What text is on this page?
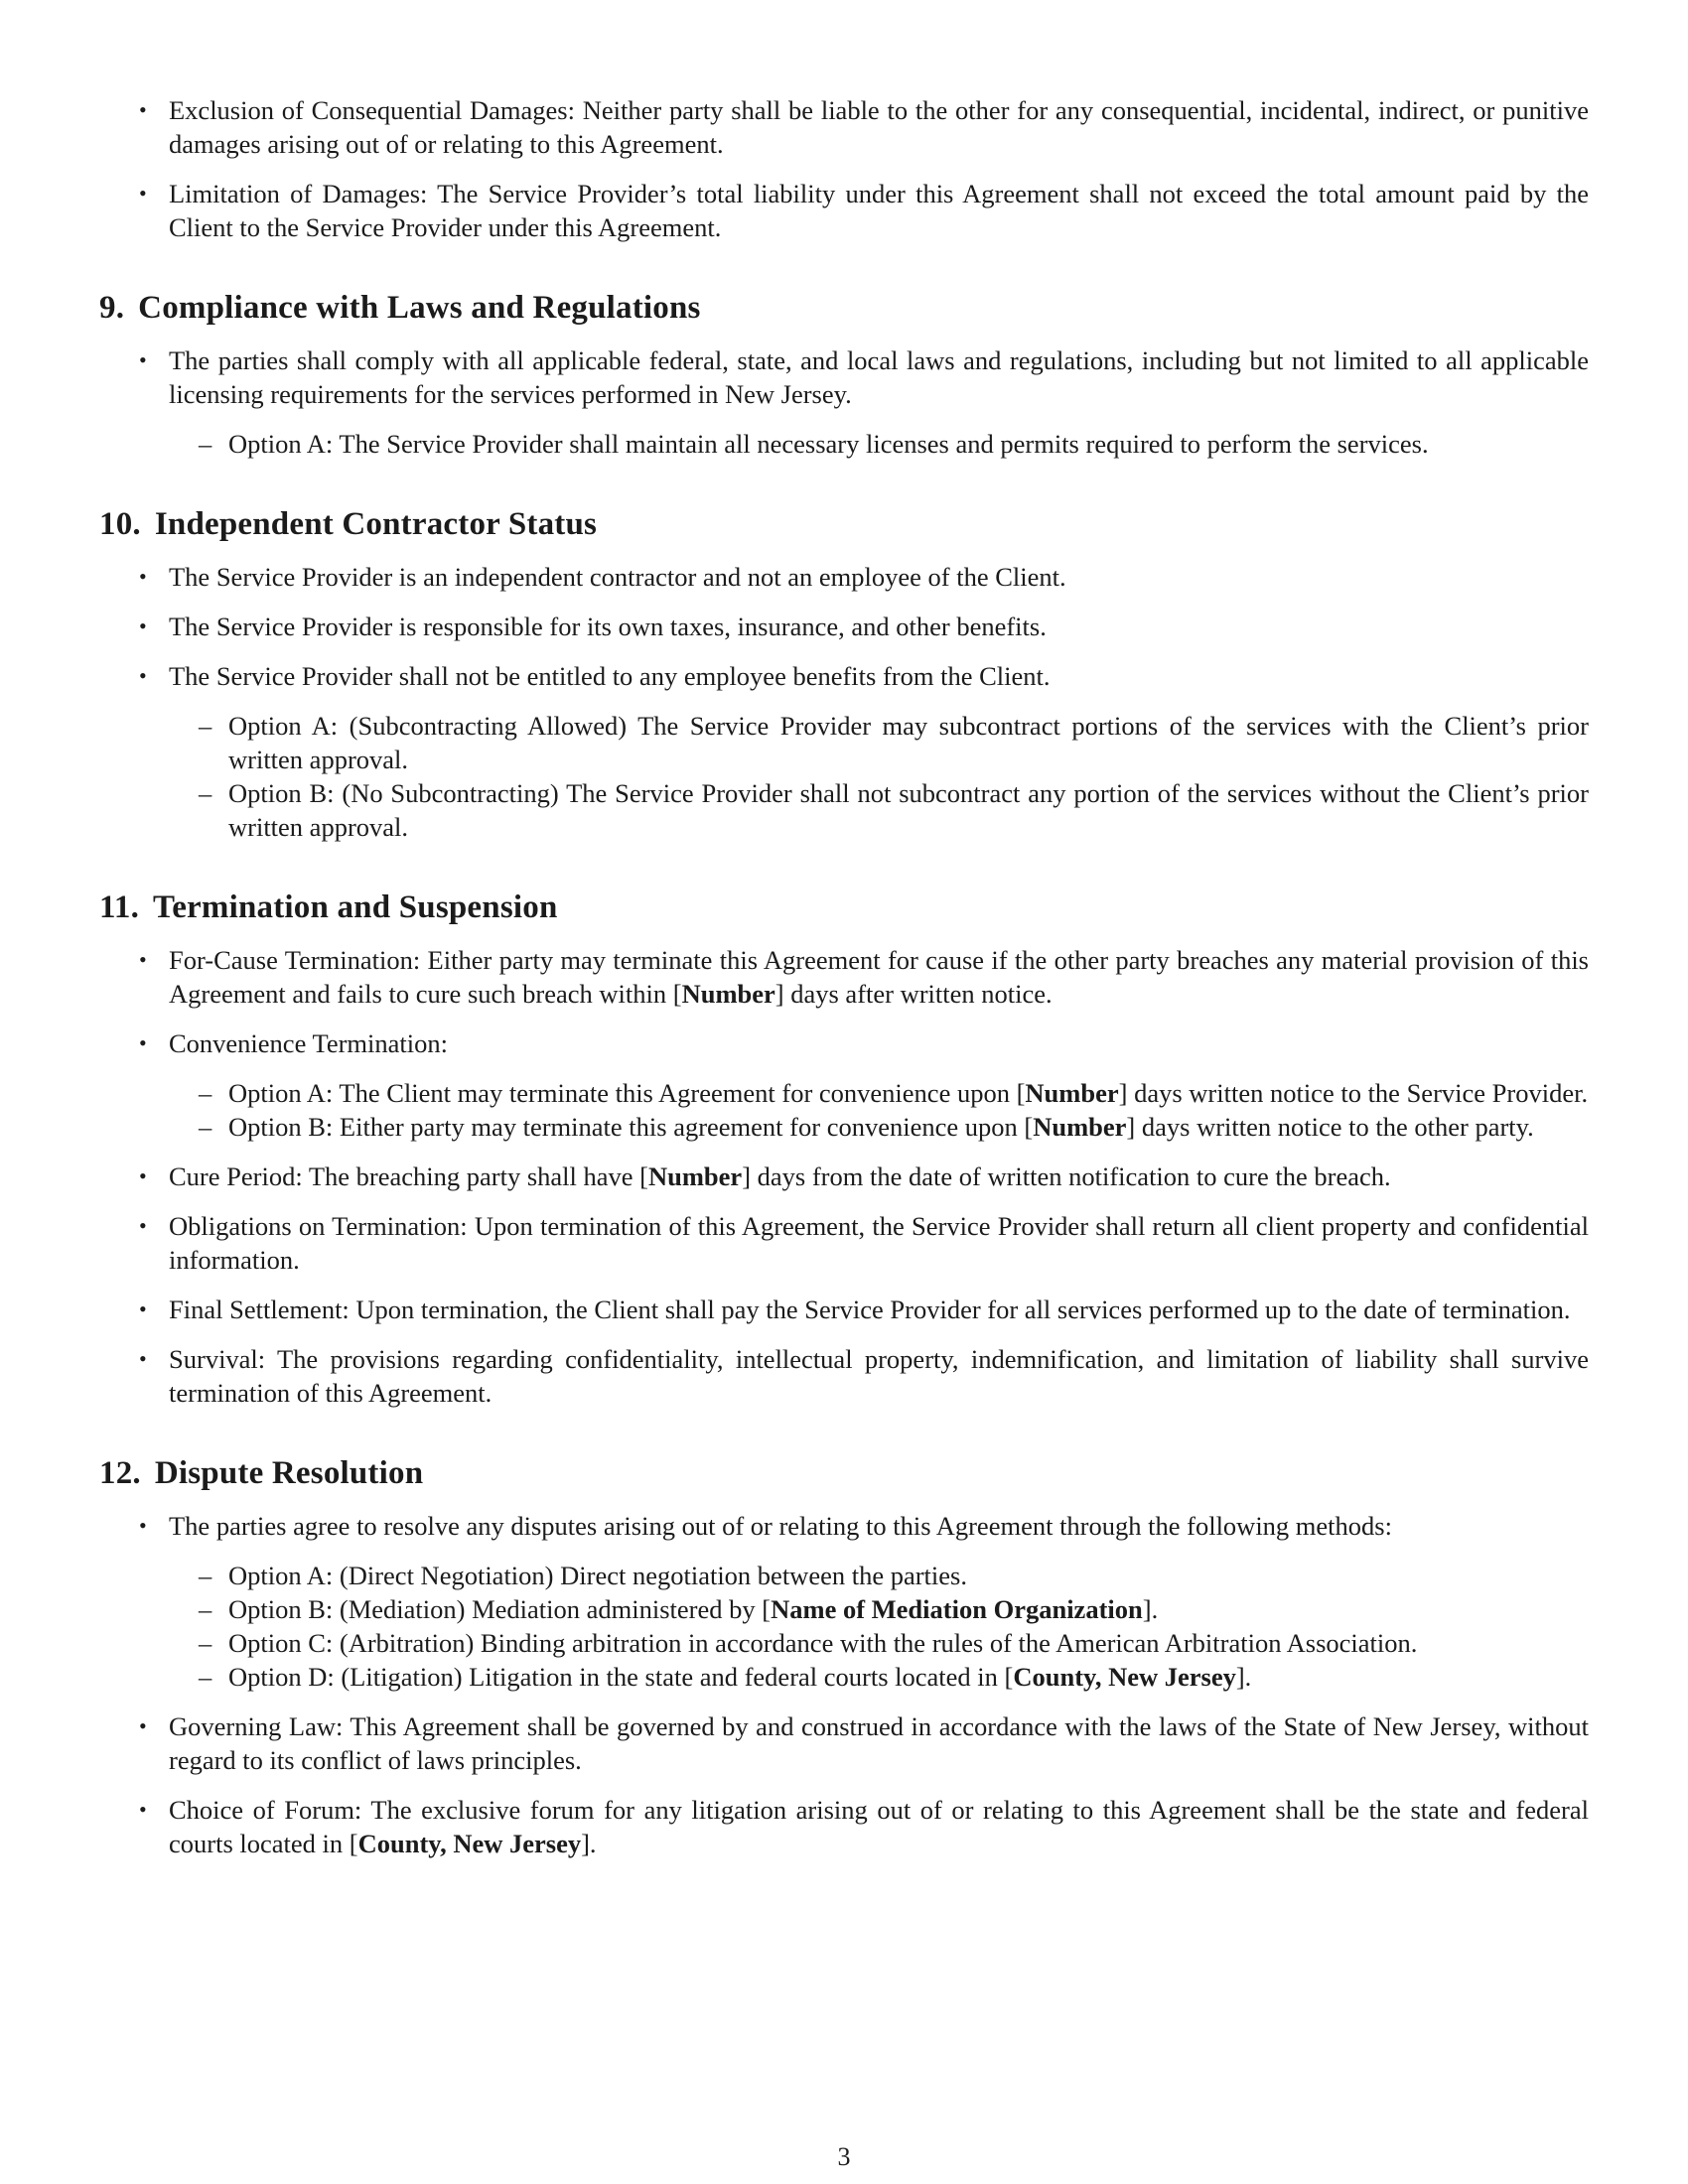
• Exclusion of Consequential Damages: Neither party shall be liable to the other for any consequential, incidental, indirect, or punitive damages arising out of or relating to this Agreement.
• Limitation of Damages: The Service Provider’s total liability under this Agreement shall not exceed the total amount paid by the Client to the Service Provider under this Agreement.
9. Compliance with Laws and Regulations
• The parties shall comply with all applicable federal, state, and local laws and regulations, including but not limited to all applicable licensing requirements for the services performed in New Jersey.
– Option A: The Service Provider shall maintain all necessary licenses and permits required to perform the services.
10. Independent Contractor Status
• The Service Provider is an independent contractor and not an employee of the Client.
• The Service Provider is responsible for its own taxes, insurance, and other benefits.
• The Service Provider shall not be entitled to any employee benefits from the Client.
– Option A: (Subcontracting Allowed) The Service Provider may subcontract portions of the services with the Client’s prior written approval.
– Option B: (No Subcontracting) The Service Provider shall not subcontract any portion of the services without the Client’s prior written approval.
11. Termination and Suspension
• For-Cause Termination: Either party may terminate this Agreement for cause if the other party breaches any material provision of this Agreement and fails to cure such breach within [Number] days after written notice.
• Convenience Termination:
– Option A: The Client may terminate this Agreement for convenience upon [Number] days written notice to the Service Provider.
– Option B: Either party may terminate this agreement for convenience upon [Number] days written notice to the other party.
• Cure Period: The breaching party shall have [Number] days from the date of written notification to cure the breach.
• Obligations on Termination: Upon termination of this Agreement, the Service Provider shall return all client property and confidential information.
• Final Settlement: Upon termination, the Client shall pay the Service Provider for all services performed up to the date of termination.
• Survival: The provisions regarding confidentiality, intellectual property, indemnification, and limitation of liability shall survive termination of this Agreement.
12. Dispute Resolution
• The parties agree to resolve any disputes arising out of or relating to this Agreement through the following methods:
– Option A: (Direct Negotiation) Direct negotiation between the parties.
– Option B: (Mediation) Mediation administered by [Name of Mediation Organization].
– Option C: (Arbitration) Binding arbitration in accordance with the rules of the American Arbitration Association.
– Option D: (Litigation) Litigation in the state and federal courts located in [County, New Jersey].
• Governing Law: This Agreement shall be governed by and construed in accordance with the laws of the State of New Jersey, without regard to its conflict of laws principles.
• Choice of Forum: The exclusive forum for any litigation arising out of or relating to this Agreement shall be the state and federal courts located in [County, New Jersey].
3
